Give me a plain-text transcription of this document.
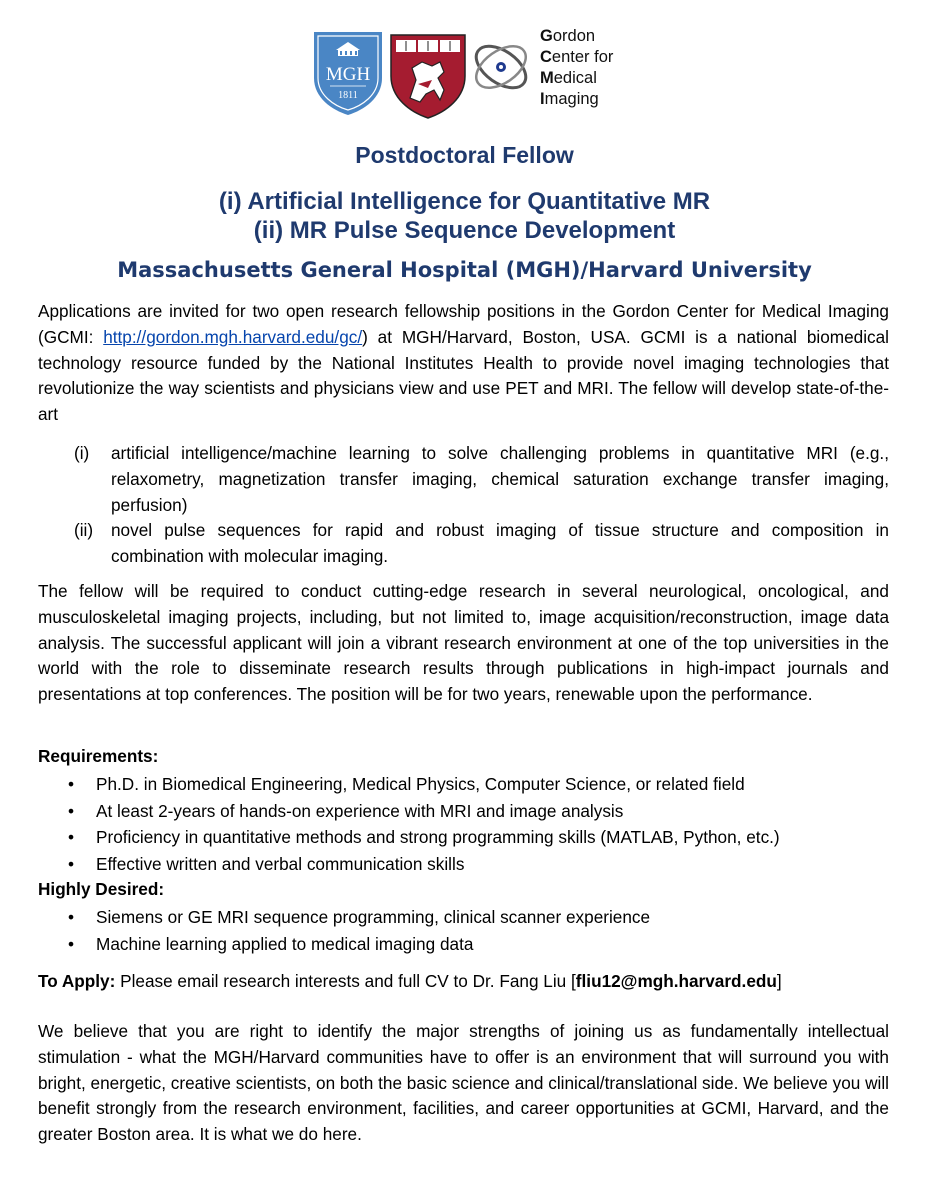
MGH
1811
Gordon
Center for
Medical
Imaging
Postdoctoral Fellow
(i) Artificial Intelligence for Quantitative MR
(ii) MR Pulse Sequence Development
Massachusetts General Hospital (MGH)/Harvard University
Applications are invited for two open research fellowship positions in the Gordon Center for Medical Imaging (GCMI: http://gordon.mgh.harvard.edu/gc/) at MGH/Harvard, Boston, USA. GCMI is a national biomedical technology resource funded by the National Institutes Health to provide novel imaging technologies that revolutionize the way scientists and physicians view and use PET and MRI. The fellow will develop state-of-the-art
(i) artificial intelligence/machine learning to solve challenging problems in quantitative MRI (e.g., relaxometry, magnetization transfer imaging, chemical saturation exchange transfer imaging, perfusion)
(ii) novel pulse sequences for rapid and robust imaging of tissue structure and composition in combination with molecular imaging.
The fellow will be required to conduct cutting-edge research in several neurological, oncological, and musculoskeletal imaging projects, including, but not limited to, image acquisition/reconstruction, image data analysis. The successful applicant will join a vibrant research environment at one of the top universities in the world with the role to disseminate research results through publications in high-impact journals and presentations at top conferences. The position will be for two years, renewable upon the performance.
Requirements:
• Ph.D. in Biomedical Engineering, Medical Physics, Computer Science, or related field
• At least 2-years of hands-on experience with MRI and image analysis
• Proficiency in quantitative methods and strong programming skills (MATLAB, Python, etc.)
• Effective written and verbal communication skills
Highly Desired:
• Siemens or GE MRI sequence programming, clinical scanner experience
• Machine learning applied to medical imaging data
To Apply: Please email research interests and full CV to Dr. Fang Liu [fliu12@mgh.harvard.edu]
We believe that you are right to identify the major strengths of joining us as fundamentally intellectual stimulation - what the MGH/Harvard communities have to offer is an environment that will surround you with bright, energetic, creative scientists, on both the basic science and clinical/translational side. We believe you will benefit strongly from the research environment, facilities, and career opportunities at GCMI, Harvard, and the greater Boston area. It is what we do here.
